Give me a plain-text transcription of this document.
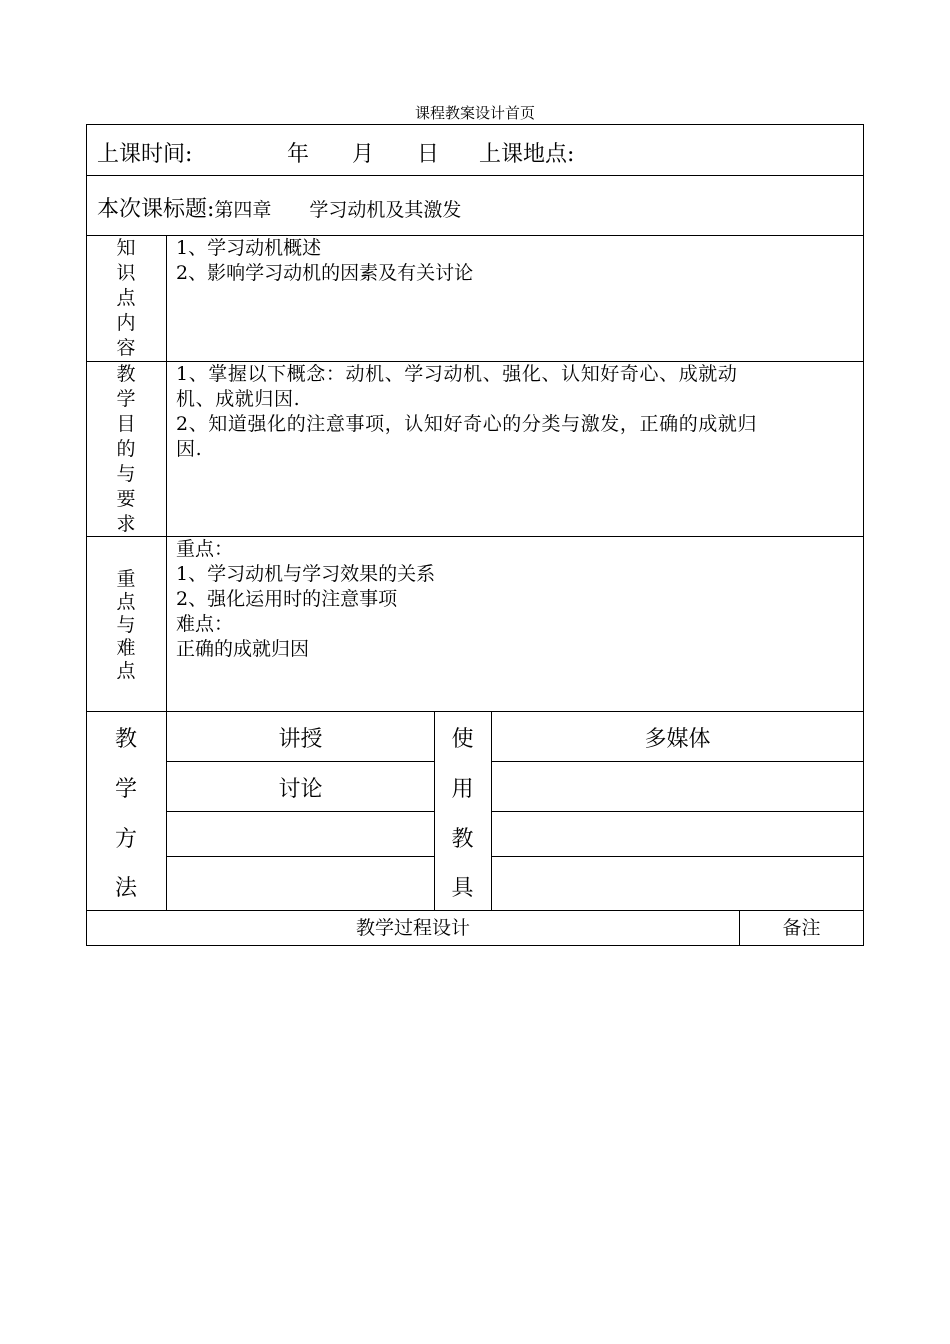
课程教案设计首页
上课时间:	年 月 日 上课地点:
本次课标题:第四章　　学习动机及其激发
知
识
点
内
容
1、学习动机概述
2、影响学习动机的因素及有关讨论
教
学
目
的
与
要
求
1、掌握以下概念：动机、学习动机、强化、认知好奇心、成就动
机、成就归因.
2、知道强化的注意事项，认知好奇心的分类与激发，正确的成就归
因.
重
点
与
难
点
重点：
1、学习动机与学习效果的关系
2、强化运用时的注意事项
难点：
正确的成就归因
教
学
方
法
讲授
讨论
使
用
教
具
多媒体
教学过程设计	备注
